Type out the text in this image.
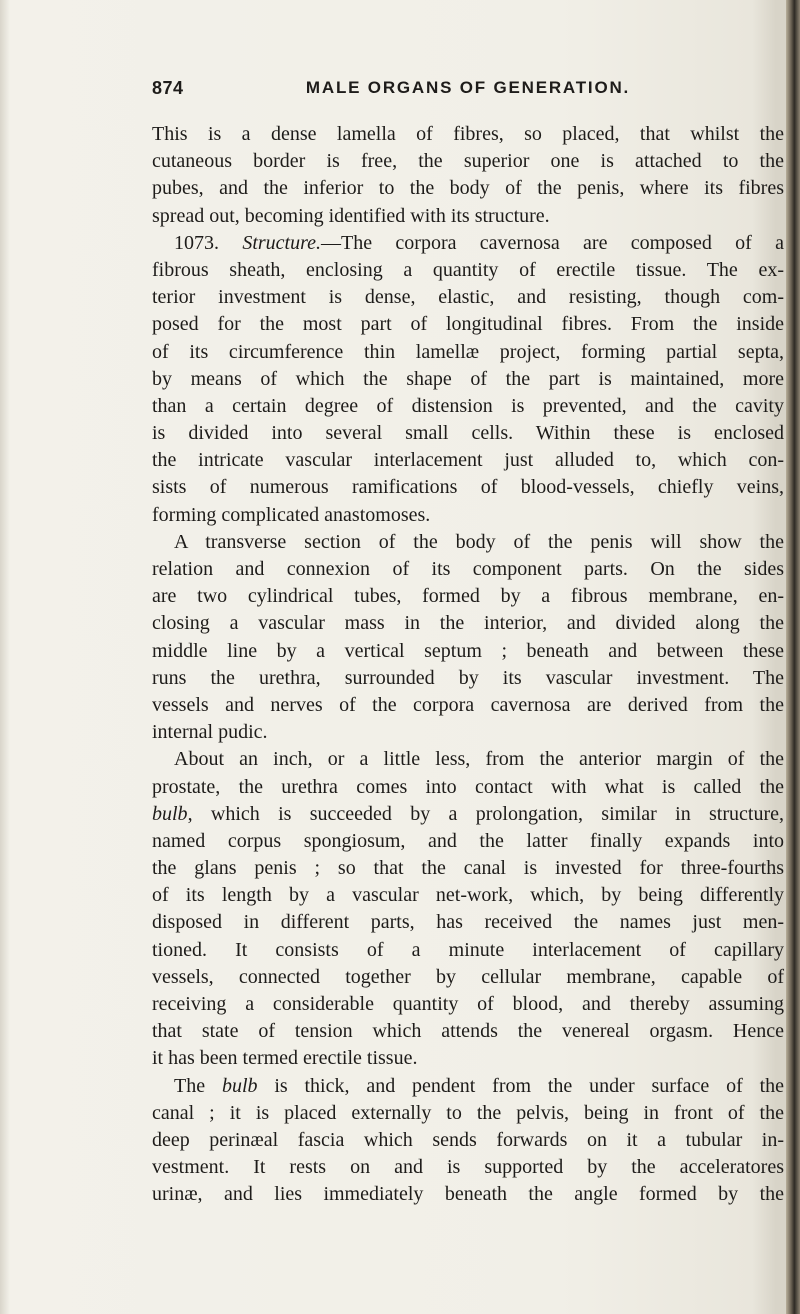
874	MALE ORGANS OF GENERATION.
This is a dense lamella of fibres, so placed, that whilst the
cutaneous border is free, the superior one is attached to the
pubes, and the inferior to the body of the penis, where its fibres
spread out, becoming identified with its structure.
1073. Structure.—The corpora cavernosa are composed of a
fibrous sheath, enclosing a quantity of erectile tissue. The ex-
terior investment is dense, elastic, and resisting, though com-
posed for the most part of longitudinal fibres. From the inside
of its circumference thin lamellæ project, forming partial septa,
by means of which the shape of the part is maintained, more
than a certain degree of distension is prevented, and the cavity
is divided into several small cells. Within these is enclosed
the intricate vascular interlacement just alluded to, which con-
sists of numerous ramifications of blood-vessels, chiefly veins,
forming complicated anastomoses.
A transverse section of the body of the penis will show the
relation and connexion of its component parts. On the sides
are two cylindrical tubes, formed by a fibrous membrane, en-
closing a vascular mass in the interior, and divided along the
middle line by a vertical septum ; beneath and between these
runs the urethra, surrounded by its vascular investment. The
vessels and nerves of the corpora cavernosa are derived from the
internal pudic.
About an inch, or a little less, from the anterior margin of the
prostate, the urethra comes into contact with what is called the
bulb, which is succeeded by a prolongation, similar in structure,
named corpus spongiosum, and the latter finally expands into
the glans penis ; so that the canal is invested for three-fourths
of its length by a vascular net-work, which, by being differently
disposed in different parts, has received the names just men-
tioned. It consists of a minute interlacement of capillary
vessels, connected together by cellular membrane, capable of
receiving a considerable quantity of blood, and thereby assuming
that state of tension which attends the venereal orgasm. Hence
it has been termed erectile tissue.
The bulb is thick, and pendent from the under surface of the
canal ; it is placed externally to the pelvis, being in front of the
deep perinæal fascia which sends forwards on it a tubular in-
vestment. It rests on and is supported by the acceleratores
urinæ, and lies immediately beneath the angle formed by the
